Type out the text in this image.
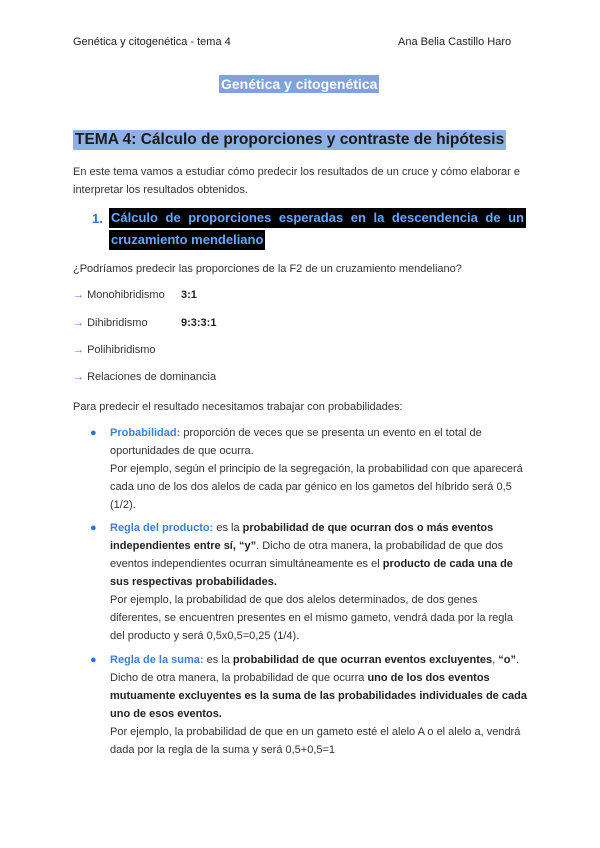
Genética y citogenética - tema 4	Ana Belia Castillo Haro
Genética y citogenética
TEMA 4: Cálculo de proporciones y contraste de hipótesis
En este tema vamos a estudiar cómo predecir los resultados de un cruce y cómo elaborar e
interpretar los resultados obtenidos.
1. Cálculo de proporciones esperadas en la descendencia de un
cruzamiento mendeliano
¿Podríamos predecir las proporciones de la F2 de un cruzamiento mendeliano?
→ Monohibridismo 3:1
→ Dihibridismo	9:3:3:1
→ Polihibridismo
→ Relaciones de dominancia
Para predecir el resultado necesitamos trabajar con probabilidades:
● Probabilidad: proporción de veces que se presenta un evento en el total de
oportunidades de que ocurra.
Por ejemplo, según el principio de la segregación, la probabilidad con que aparecerá
cada uno de los dos alelos de cada par génico en los gametos del híbrido será 0,5
(1/2).
● Regla del producto: es la probabilidad de que ocurran dos o más eventos
independientes entre sí, “y”. Dicho de otra manera, la probabilidad de que dos
eventos independientes ocurran simultáneamente es el producto de cada una de
sus respectivas probabilidades.
Por ejemplo, la probabilidad de que dos alelos determinados, de dos genes
diferentes, se encuentren presentes en el mismo gameto, vendrá dada por la regla
del producto y será 0,5x0,5=0,25 (1/4).
● Regla de la suma: es la probabilidad de que ocurran eventos excluyentes, “o”.
Dicho de otra manera, la probabilidad de que ocurra uno de los dos eventos
mutuamente excluyentes es la suma de las probabilidades individuales de cada
uno de esos eventos.
Por ejemplo, la probabilidad de que en un gameto esté el alelo A o el alelo a, vendrá
dada por la regla de la suma y será 0,5+0,5=1
